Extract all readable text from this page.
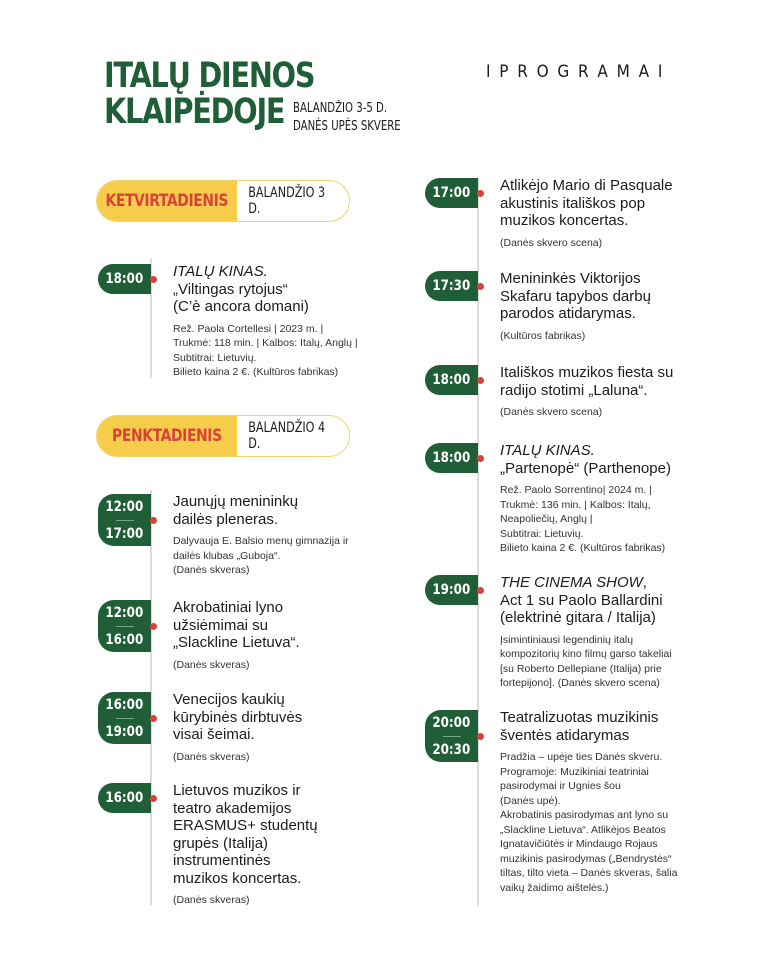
ITALŲ DIENOS
KLAIPĖDOJE BALANDŽIO 3-5 D.
DANĖS UPĖS SKVERE
I P R O G R A M A I
KETVIRTADIENIS BALANDŽIO 3 D.
PENKTADIENIS BALANDŽIO 4 D.
18:00 ITALŲ KINAS.
„Viltingas rytojus“
(C’è ancora domani)
Rež. Paola Cortellesi | 2023 m. |
Trukmė: 118 min. | Kalbos: Italų, Anglų |
Subtitrai: Lietuvių.
Bilieto kaina 2 €. (Kultūros fabrikas)
12:00
17:00
Jaunųjų menininkų
dailės pleneras.
Dalyvauja E. Balsio menų gimnazija ir
dailės klubas „Guboja“.
(Danės skveras)
12:00
16:00
Akrobatiniai lyno
užsiėmimai su
„Slackline Lietuva“.
(Danės skveras)
16:00
19:00
Venecijos kaukių
kūrybinės dirbtuvės
visai šeimai.
(Danės skveras)
16:00 Lietuvos muzikos ir
teatro akademijos
ERASMUS+ studentų
grupės (Italija)
instrumentinės
muzikos koncertas.
(Danės skveras)
17:00 Atlikėjo Mario di Pasquale
akustinis itališkos pop
muzikos koncertas.
(Danės skvero scena)
17:30 Menininkės Viktorijos
Skafaru tapybos darbų
parodos atidarymas.
(Kultūros fabrikas)
18:00 Itališkos muzikos fiesta su
radijo stotimi „Laluna“.
(Danės skvero scena)
18:00 ITALŲ KINAS.
„Partenopė“ (Parthenope)
Rež. Paolo Sorrentino| 2024 m. |
Trukmė: 136 min. | Kalbos: Italų,
Neapoliečių, Anglų |
Subtitrai: Lietuvių.
Bilieto kaina 2 €. (Kultūros fabrikas)
19:00 THE CINEMA SHOW,
Act 1 su Paolo Ballardini
(elektrinė gitara / Italija)
Įsimintiniausi legendinių italų
kompozitorių kino filmų garso takeliai
[su Roberto Dellepiane (Italija) prie
fortepijono]. (Danės skvero scena)
20:00
20:30
Teatralizuotas muzikinis
šventės atidarymas
Pradžia – upėje ties Danės skveru.
Programoje: Muzikiniai teatriniai
pasirodymai ir Ugnies šou
(Danės upė).
Akrobatinis pasirodymas ant lyno su
„Slackline Lietuva“. Atlikėjos Beatos
Ignatavičiūtės ir Mindaugo Rojaus
muzikinis pasirodymas („Bendrystės“
tiltas, tilto vieta – Danės skveras, šalia
vaikų žaidimo aištelės.)
